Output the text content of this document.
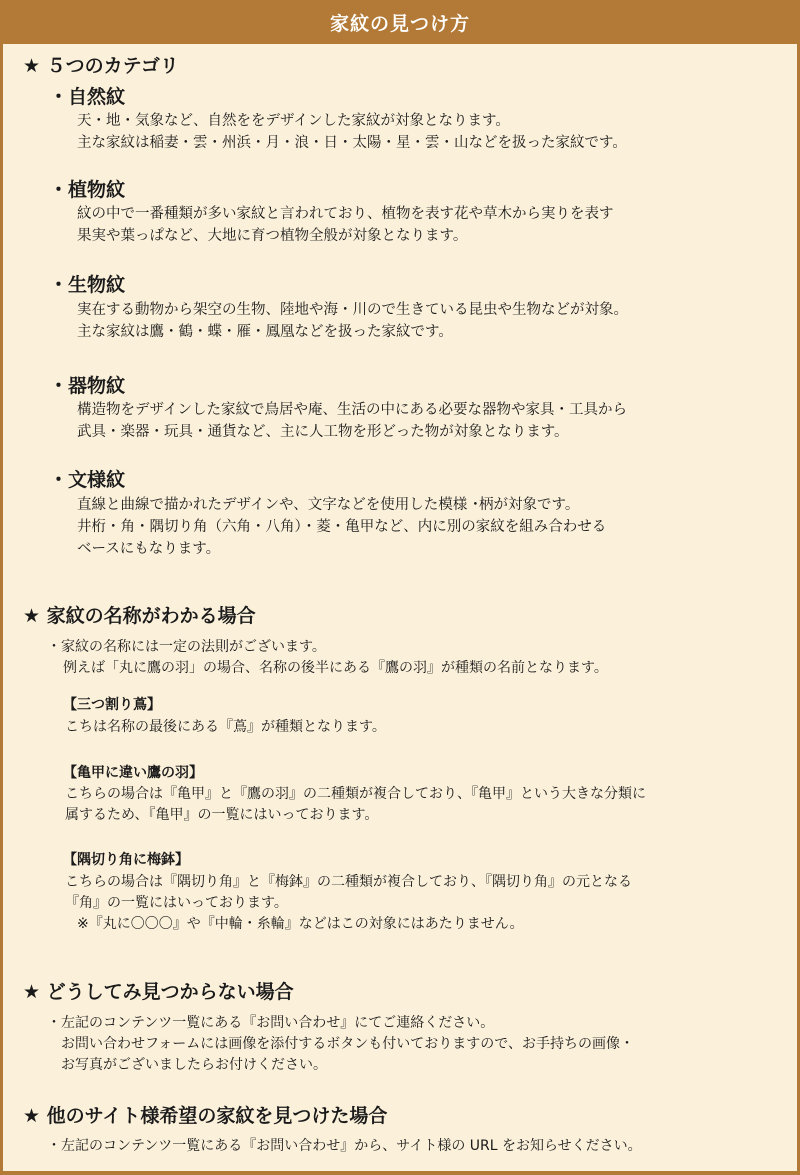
家紋の見つけ方
★ ５つのカテゴリ
・自然紋
天・地・気象など、自然ををデザインした家紋が対象となります。
主な家紋は稲妻・雲・州浜・月・浪・日・太陽・星・雲・山などを扱った家紋です。
・植物紋
紋の中で一番種類が多い家紋と言われており、植物を表す花や草木から実りを表す
果実や葉っぱなど、大地に育つ植物全般が対象となります。
・生物紋
実在する動物から架空の生物、陸地や海・川ので生きている昆虫や生物などが対象。
主な家紋は鷹・鶴・蝶・雁・鳳凰などを扱った家紋です。
・器物紋
構造物をデザインした家紋で鳥居や庵、生活の中にある必要な器物や家具・工具から
武具・楽器・玩具・通貨など、主に人工物を形どった物が対象となります。
・文様紋
直線と曲線で描かれたデザインや、文字などを使用した模様 ･柄が対象です。
井桁・角・隅切り角（六角・八角）・菱・亀甲など、内に別の家紋を組み合わせる
ベースにもなります。
★ 家紋の名称がわかる場合
・家紋の名称には一定の法則がございます。
例えば「丸に鷹の羽」の場合、名称の後半にある『鷹の羽』が種類の名前となります。
【三つ割り蔦】
こちは名称の最後にある『蔦』が種類となります。
【亀甲に違い鷹の羽】
こちらの場合は『亀甲』と『鷹の羽』の二種類が複合しており、『亀甲』という大きな分類に
属するため、『亀甲』の一覧にはいっております。
【隅切り角に梅鉢】
こちらの場合は『隅切り角』と『梅鉢』の二種類が複合しており、『隅切り角』の元となる
『角』の一覧にはいっております。
※『丸に〇〇〇』や『中輪・糸輪』などはこの対象にはあたりません。
★ どうしてみ見つからない場合
・左記のコンテンツ一覧にある『お問い合わせ』にてご連絡ください。
お問い合わせフォームには画像を添付するボタンも付いておりますので、お手持ちの画像・
お写真がございましたらお付けください。
★ 他のサイト様希望の家紋を見つけた場合
・左記のコンテンツ一覧にある『お問い合わせ』から、サイト様の URL をお知らせください。
